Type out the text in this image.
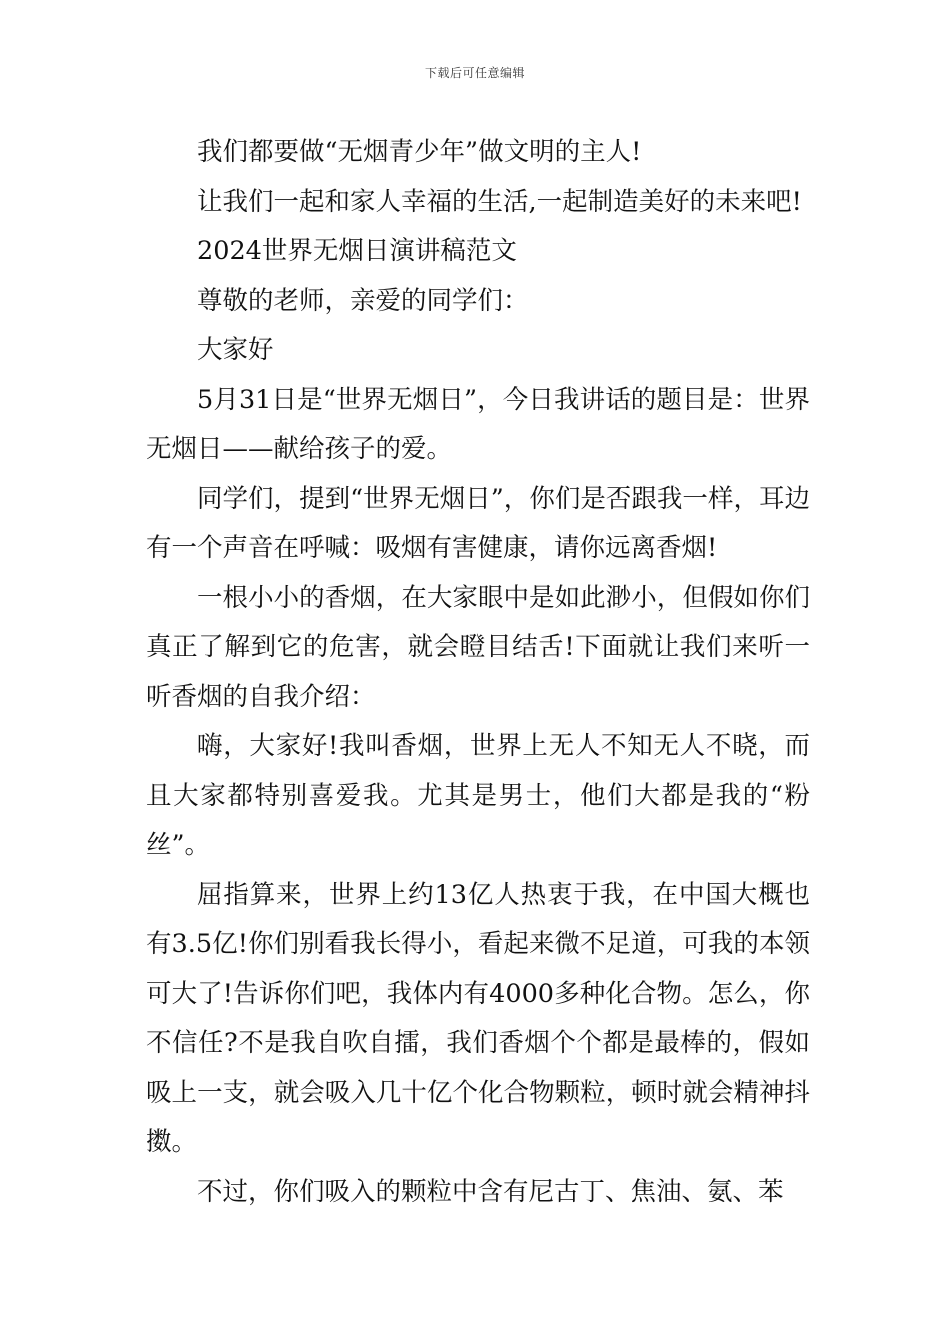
下载后可任意编辑

我们都要做“无烟青少年”做文明的主人!

让我们一起和家人幸福的生活,一起制造美好的未来吧!

2024世界无烟日演讲稿范文

尊敬的老师，亲爱的同学们：

大家好

5月31日是“世界无烟日”，今日我讲话的题目是：世界无烟日——献给孩子的爱。

同学们，提到“世界无烟日”，你们是否跟我一样，耳边有一个声音在呼喊：吸烟有害健康，请你远离香烟!

一根小小的香烟，在大家眼中是如此渺小，但假如你们真正了解到它的危害，就会瞪目结舌!下面就让我们来听一听香烟的自我介绍：

嗨，大家好!我叫香烟，世界上无人不知无人不晓，而且大家都特别喜爱我。尤其是男士，他们大都是我的“粉丝”。

屈指算来，世界上约13亿人热衷于我，在中国大概也有3.5亿!你们别看我长得小，看起来微不足道，可我的本领可大了!告诉你们吧，我体内有4000多种化合物。怎么，你不信任?不是我自吹自擂，我们香烟个个都是最棒的，假如吸上一支，就会吸入几十亿个化合物颗粒，顿时就会精神抖擞。

不过，你们吸入的颗粒中含有尼古丁、焦油、氨、苯
